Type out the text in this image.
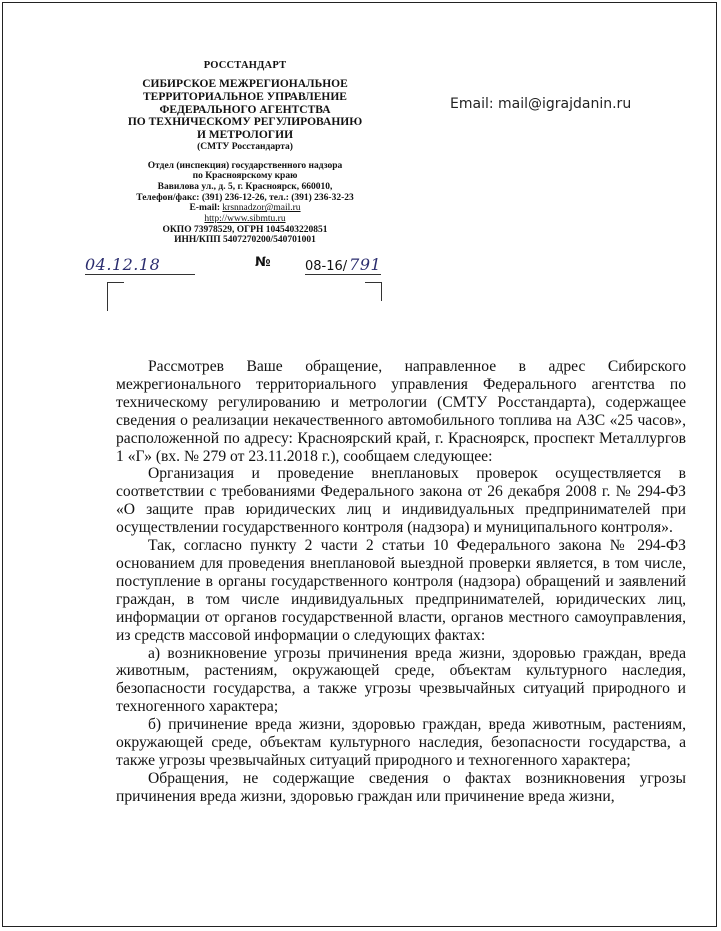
РОССТАНДАРТ
СИБИРСКОЕ МЕЖРЕГИОНАЛЬНОЕ
ТЕРРИТОРИАЛЬНОЕ УПРАВЛЕНИЕ
ФЕДЕРАЛЬНОГО АГЕНТСТВА
ПО ТЕХНИЧЕСКОМУ РЕГУЛИРОВАНИЮ
И МЕТРОЛОГИИ
(СМТУ Росстандарта)
Отдел (инспекция) государственного надзора
по Красноярскому краю
Вавилова ул., д. 5, г. Красноярск, 660010,
Телефон/факс: (391) 236-12-26, тел.: (391) 236-32-23
E-mail: krsnnadzor@mail.ru
http://www.sibmtu.ru
ОКПО 73978529, ОГРН 1045403220851
ИНН/КПП 5407270200/540701001
Email: mail@igrajdanin.ru
04.12.18	№	08-16/ 791

Рассмотрев Ваше обращение, направленное в адрес Сибирского межрегионального территориального управления Федерального агентства по техническому регулированию и метрологии (СМТУ Росстандарта), содержащее сведения о реализации некачественного автомобильного топлива на АЗС «25 часов», расположенной по адресу: Красноярский край, г. Красноярск, проспект Металлургов 1 «Г» (вх. № 279 от 23.11.2018 г.), сообщаем следующее:

Организация и проведение внеплановых проверок осуществляется в соответствии с требованиями Федерального закона от 26 декабря 2008 г. № 294-ФЗ «О защите прав юридических лиц и индивидуальных предпринимателей при осуществлении государственного контроля (надзора) и муниципального контроля».

Так, согласно пункту 2 части 2 статьи 10 Федерального закона № 294-ФЗ основанием для проведения внеплановой выездной проверки является, в том числе, поступление в органы государственного контроля (надзора) обращений и заявлений граждан, в том числе индивидуальных предпринимателей, юридических лиц, информации от органов государственной власти, органов местного самоуправления, из средств массовой информации о следующих фактах:

а) возникновение угрозы причинения вреда жизни, здоровью граждан, вреда животным, растениям, окружающей среде, объектам культурного наследия, безопасности государства, а также угрозы чрезвычайных ситуаций природного и техногенного характера;

б) причинение вреда жизни, здоровью граждан, вреда животным, растениям, окружающей среде, объектам культурного наследия, безопасности государства, а также угрозы чрезвычайных ситуаций природного и техногенного характера;

Обращения, не содержащие сведения о фактах возникновения угрозы причинения вреда жизни, здоровью граждан или причинение вреда жизни,
